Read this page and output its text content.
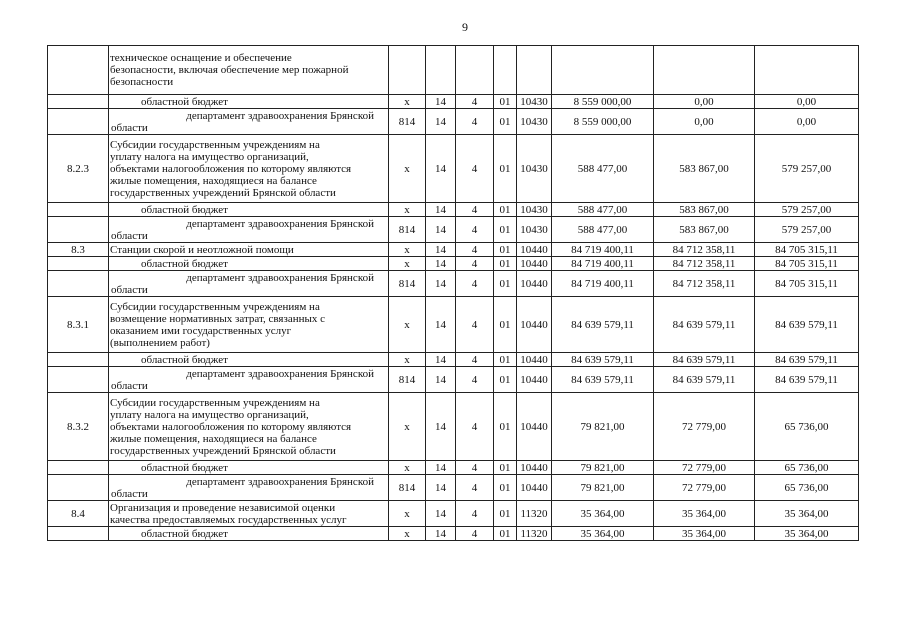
9

	техническое оснащение и обеспечение
безопасности, включая обеспечение мер пожарной
безопасности								

	областной бюджет	x	14	4	01	10430	8 559 000,00	0,00	0,00

	департамент здравоохранения Брянской
области	814	14	4	01	10430	8 559 000,00	0,00	0,00
8.2.3	Субсидии государственным учреждениям на
уплату налога на имущество организаций,
объектами налогообложения по которому являются
жилые помещения, находящиеся на балансе
государственных учреждений Брянской области	x	14	4	01	10430	588 477,00	583 867,00	579 257,00

	областной бюджет	x	14	4	01	10430	588 477,00	583 867,00	579 257,00

	департамент здравоохранения Брянской
области	814	14	4	01	10430	588 477,00	583 867,00	579 257,00
8.3	Станции скорой и неотложной помощи	x	14	4	01	10440	84 719 400,11	84 712 358,11	84 705 315,11

	областной бюджет	x	14	4	01	10440	84 719 400,11	84 712 358,11	84 705 315,11

	департамент здравоохранения Брянской
области	814	14	4	01	10440	84 719 400,11	84 712 358,11	84 705 315,11
8.3.1	Субсидии государственным учреждениям на
возмещение нормативных затрат, связанных с
оказанием ими государственных услуг
(выполнением работ)	x	14	4	01	10440	84 639 579,11	84 639 579,11	84 639 579,11

	областной бюджет	x	14	4	01	10440	84 639 579,11	84 639 579,11	84 639 579,11

	департамент здравоохранения Брянской
области	814	14	4	01	10440	84 639 579,11	84 639 579,11	84 639 579,11
8.3.2	Субсидии государственным учреждениям на
уплату налога на имущество организаций,
объектами налогообложения по которому являются
жилые помещения, находящиеся на балансе
государственных учреждений Брянской области	x	14	4	01	10440	79 821,00	72 779,00	65 736,00

	областной бюджет	x	14	4	01	10440	79 821,00	72 779,00	65 736,00

	департамент здравоохранения Брянской
области	814	14	4	01	10440	79 821,00	72 779,00	65 736,00
8.4	Организация и проведение независимой оценки
качества предоставляемых государственных услуг	x	14	4	01	11320	35 364,00	35 364,00	35 364,00

	областной бюджет	x	14	4	01	11320	35 364,00	35 364,00	35 364,00
